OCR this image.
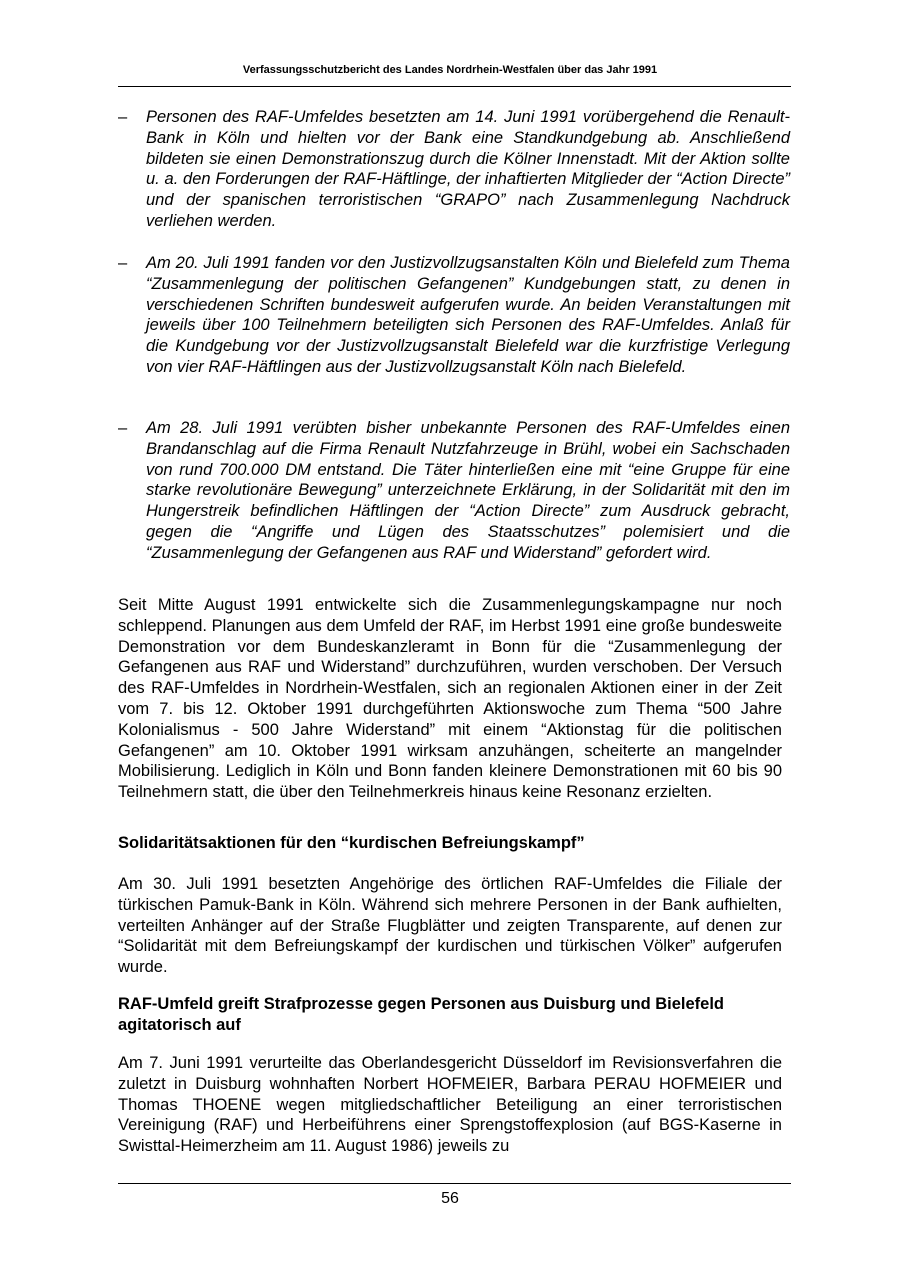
Verfassungsschutzbericht des Landes Nordrhein-Westfalen über das Jahr 1991
– Personen des RAF-Umfeldes besetzten am 14. Juni 1991 vorübergehend die Renault-Bank in Köln und hielten vor der Bank eine Standkundgebung ab. Anschließend bildeten sie einen Demonstrationszug durch die Kölner Innenstadt. Mit der Aktion sollte u. a. den Forderungen der RAF-Häftlinge, der inhaftierten Mitglieder der “Action Directe” und der spanischen terroristischen “GRAPO” nach Zusammenlegung Nachdruck verliehen werden.
– Am 20. Juli 1991 fanden vor den Justizvollzugsanstalten Köln und Bielefeld zum Thema “Zusammenlegung der politischen Gefangenen” Kundgebungen statt, zu denen in verschiedenen Schriften bundesweit aufgerufen wurde. An beiden Veranstaltungen mit jeweils über 100 Teilnehmern beteiligten sich Personen des RAF-Umfeldes. Anlaß für die Kundgebung vor der Justizvollzugsanstalt Bielefeld war die kurzfristige Verlegung von vier RAF-Häftlingen aus der Justizvollzugsanstalt Köln nach Bielefeld.
– Am 28. Juli 1991 verübten bisher unbekannte Personen des RAF-Umfeldes einen Brandanschlag auf die Firma Renault Nutzfahrzeuge in Brühl, wobei ein Sachschaden von rund 700.000 DM entstand. Die Täter hinterließen eine mit “eine Gruppe für eine starke revolutionäre Bewegung” unterzeichnete Erklärung, in der Solidarität mit den im Hungerstreik befindlichen Häftlingen der “Action Directe” zum Ausdruck gebracht, gegen die “Angriffe und Lügen des Staatsschutzes” polemisiert und die “Zusammenlegung der Gefangenen aus RAF und Widerstand” gefordert wird.
Seit Mitte August 1991 entwickelte sich die Zusammenlegungskampagne nur noch schleppend. Planungen aus dem Umfeld der RAF, im Herbst 1991 eine große bundesweite Demonstration vor dem Bundeskanzleramt in Bonn für die “Zusammenlegung der Gefangenen aus RAF und Widerstand” durchzuführen, wurden verschoben. Der Versuch des RAF-Umfeldes in Nordrhein-Westfalen, sich an regionalen Aktionen einer in der Zeit vom 7. bis 12. Oktober 1991 durchgeführten Aktionswoche zum Thema “500 Jahre Kolonialismus - 500 Jahre Widerstand” mit einem “Aktionstag für die politischen Gefangenen” am 10. Oktober 1991 wirksam anzuhängen, scheiterte an mangelnder Mobilisierung. Lediglich in Köln und Bonn fanden kleinere Demonstrationen mit 60 bis 90 Teilnehmern statt, die über den Teilnehmerkreis hinaus keine Resonanz erzielten.
Solidaritätsaktionen für den “kurdischen Befreiungskampf”
Am 30. Juli 1991 besetzten Angehörige des örtlichen RAF-Umfeldes die Filiale der türkischen Pamuk-Bank in Köln. Während sich mehrere Personen in der Bank aufhielten, verteilten Anhänger auf der Straße Flugblätter und zeigten Transparente, auf denen zur “Solidarität mit dem Befreiungskampf der kurdischen und türkischen Völker” aufgerufen wurde.
RAF-Umfeld greift Strafprozesse gegen Personen aus Duisburg und Bielefeld agitatorisch auf
Am 7. Juni 1991 verurteilte das Oberlandesgericht Düsseldorf im Revisionsverfahren die zuletzt in Duisburg wohnhaften Norbert HOFMEIER, Barbara PERAU HOFMEIER und Thomas THOENE wegen mitgliedschaftlicher Beteiligung an einer terroristischen Vereinigung (RAF) und Herbeiführens einer Sprengstoffexplosion (auf BGS-Kaserne in Swisttal-Heimerzheim am 11. August 1986) jeweils zu
56
